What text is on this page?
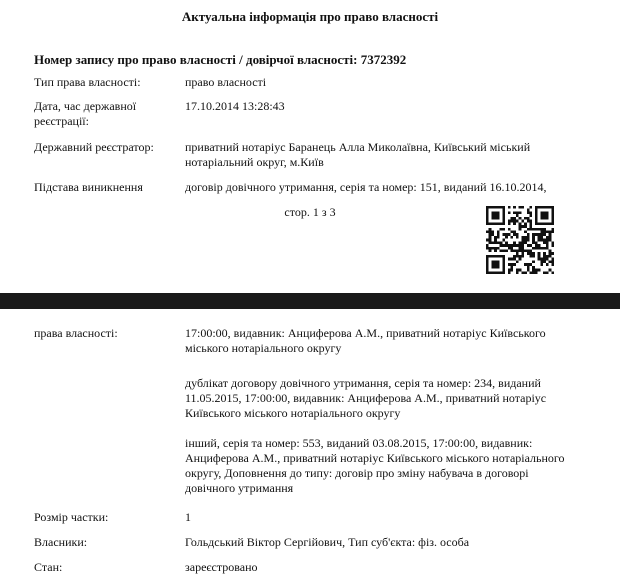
Актуальна інформація про право власності
Номер запису про право власності / довірчої власності: 7372392
Тип права власності:	право власності
Дата, час державної реєстрації:
17.10.2014 13:28:43
Державний реєстратор:	приватний нотаріус Баранець Алла Миколаївна, Київський міський нотаріальний округ, м.Київ
Підстава виникнення	договір довічного утримання, серія та номер: 151, виданий 16.10.2014,
стор. 1 з 3
права власності:	17:00:00, видавник: Анциферова А.М., приватний нотаріус Київського міського нотаріального округу
дублікат договору довічного утримання, серія та номер: 234, виданий 11.05.2015, 17:00:00, видавник: Анциферова А.М., приватний нотаріус Київського міського нотаріального округу
інший, серія та номер: 553, виданий 03.08.2015, 17:00:00, видавник: Анциферова А.М., приватний нотаріус Київського міського нотаріального округу, Доповнення до типу: договір про зміну набувача в договорі довічного утримання
Розмір частки:	1
Власники:	Гольдський Віктор Сергійович, Тип суб'єкта: фіз. особа
Стан:	зареєстровано
